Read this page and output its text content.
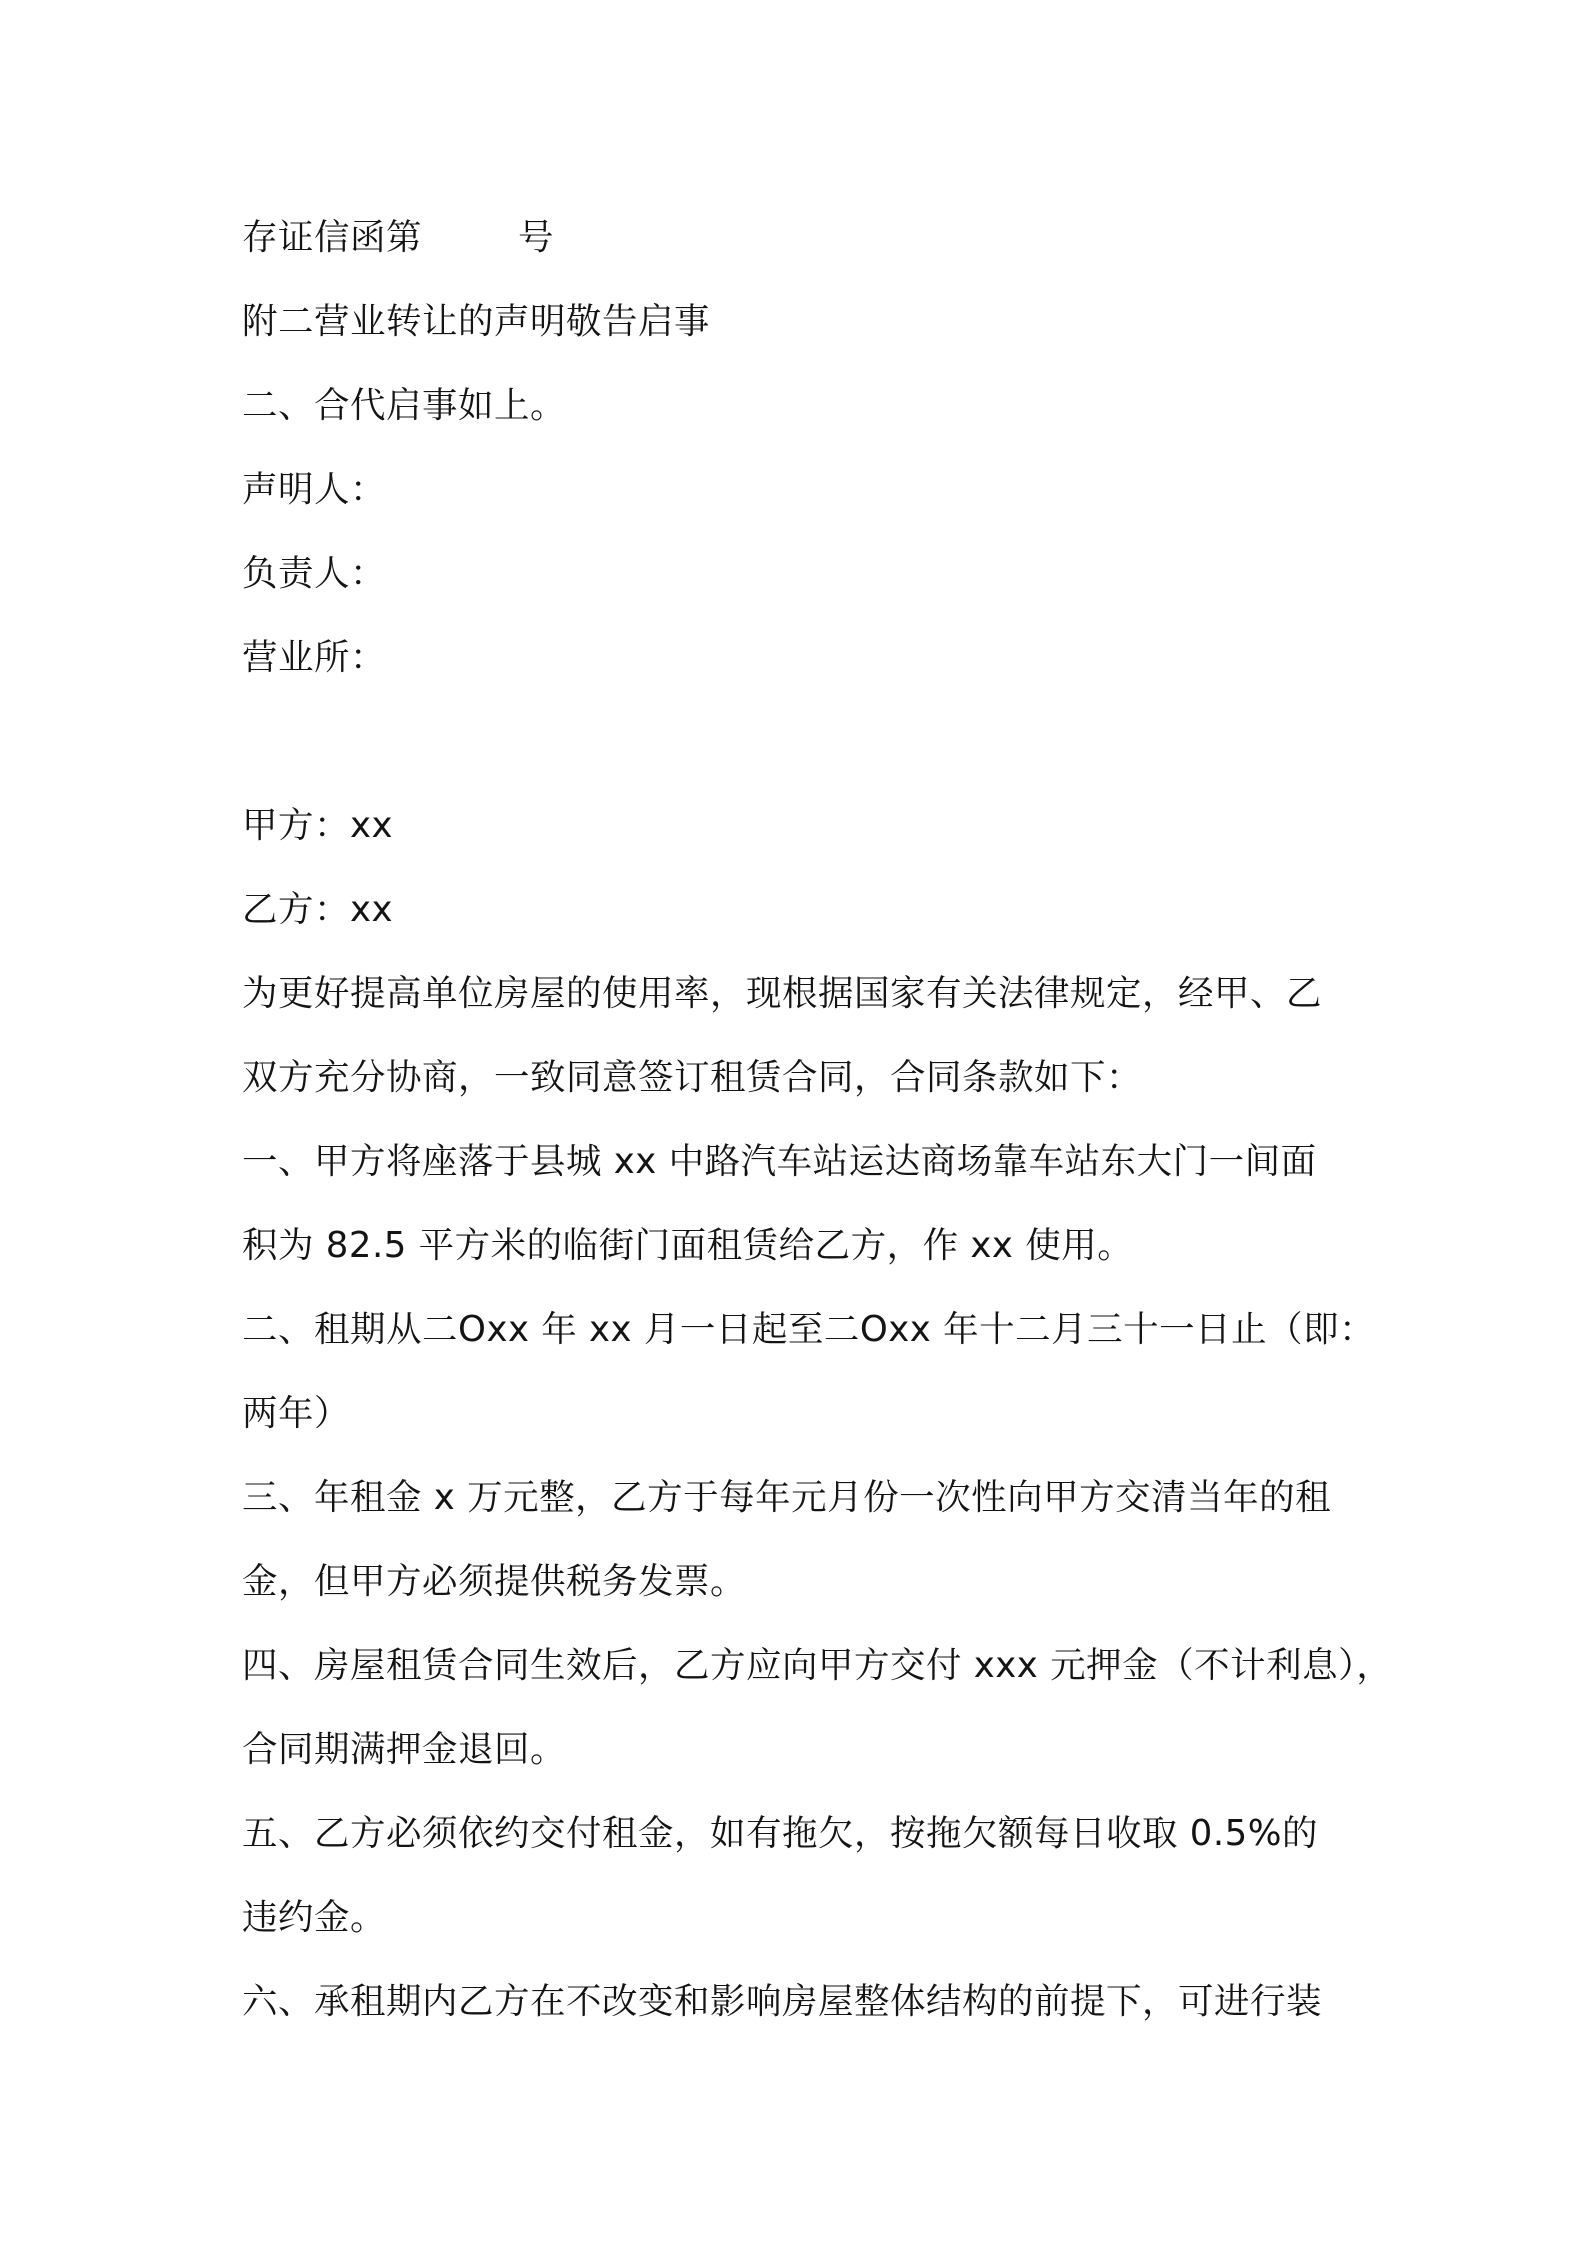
存证信函第	号
附二营业转让的声明敬告启事
二、合代启事如上。
声明人：
负责人：
营业所：
甲方：xx
乙方：xx
为更好提高单位房屋的使用率，现根据国家有关法律规定，经甲、乙
双方充分协商，一致同意签订租赁合同，合同条款如下：
一、甲方将座落于县城 xx 中路汽车站运达商场靠车站东大门一间面
积为 82.5 平方米的临街门面租赁给乙方，作 xx 使用。
二、租期从二Oxx 年 xx 月一日起至二Oxx 年十二月三十一日止（即：
两年）
三、年租金 x 万元整，乙方于每年元月份一次性向甲方交清当年的租
金，但甲方必须提供税务发票。
四、房屋租赁合同生效后，乙方应向甲方交付 xxx 元押金（不计利息），
合同期满押金退回。
五、乙方必须依约交付租金，如有拖欠，按拖欠额每日收取 0.5%的
违约金。
六、承租期内乙方在不改变和影响房屋整体结构的前提下，可进行装
